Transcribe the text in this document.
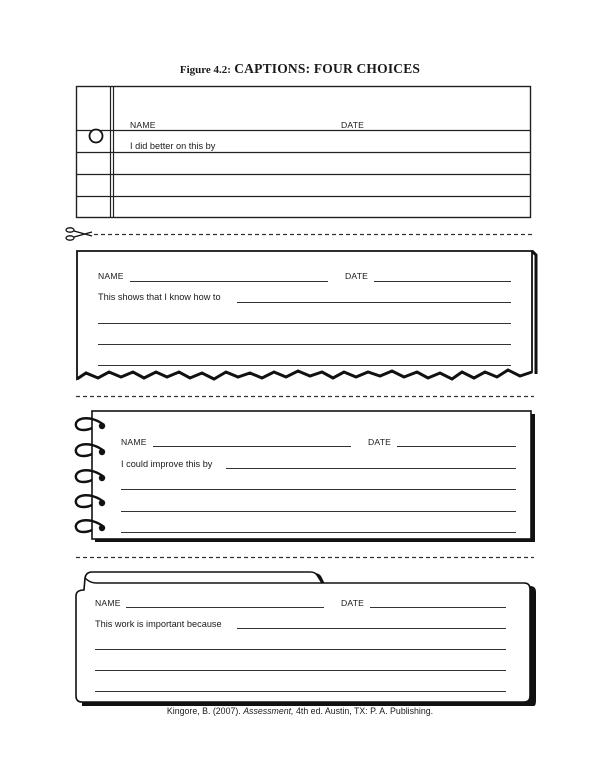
Figure 4.2: CAPTIONS: FOUR CHOICES
NAME	DATE
I did better on this by
NAME	DATE
This shows that I know how to
NAME	DATE
I could improve this by
NAME	DATE
This work is important because
Kingore, B. (2007). Assessment, 4th ed. Austin, TX: P. A. Publishing.
